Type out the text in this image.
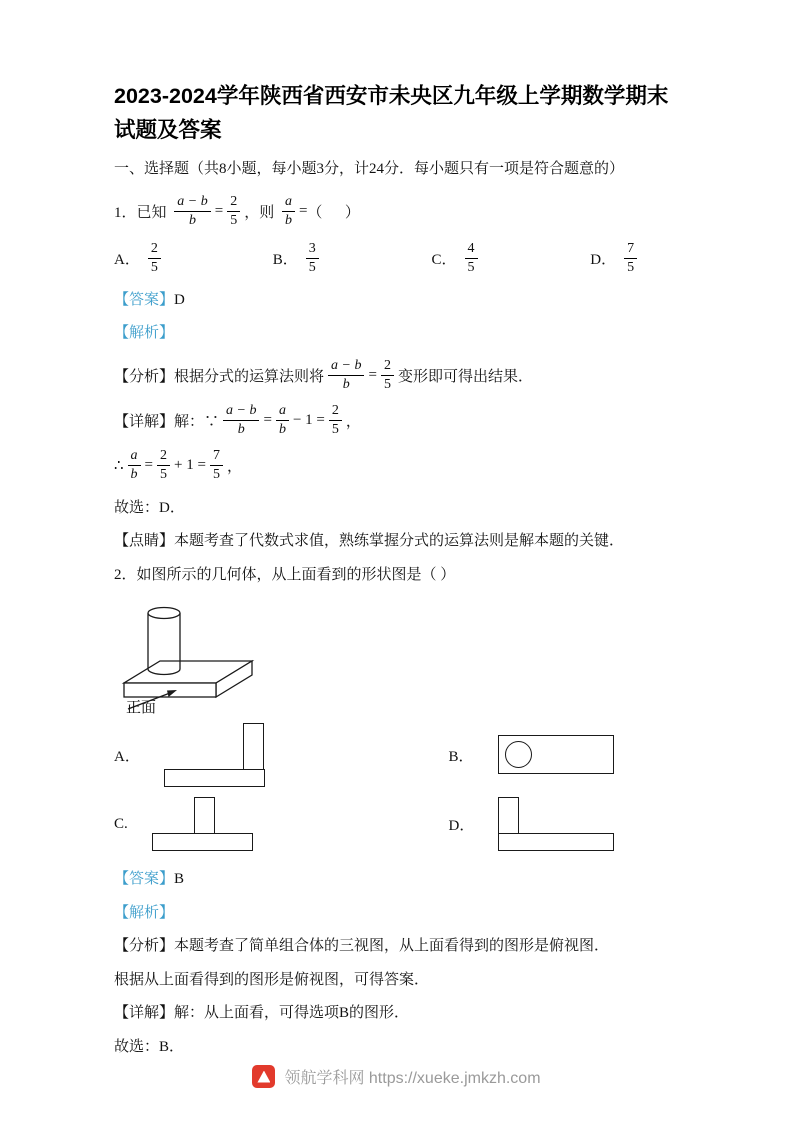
2023-2024学年陕西省西安市未央区九年级上学期数学期末
试题及答案

一、选择题（共8小题，每小题3分，计24分．每小题只有一项是符合题意的）

1．已知 $\frac{a - b}{b} = \frac{2}{5}$ ，则 $\frac{a}{b}$ = （      ）
A． $\frac{2}{5}$	B． $\frac{3}{5}$	C． $\frac{4}{5}$	D． $\frac{7}{5}$

【答案】D

【解析】

【分析】根据分式的运算法则将 $\frac{a - b}{b} = \frac{2}{5}$ 变形即可得出结果．
【详解】解：∵ $\frac{a - b}{b} = \frac{a}{b} - 1 = \frac{2}{5}$ ，
∴ $\frac{a}{b} = \frac{2}{5} + 1 = \frac{7}{5}$ ，

故选：D．

【点睛】本题考查了代数式求值，熟练掌握分式的运算法则是解本题的关键．

2．如图所示的几何体，从上面看到的形状图是（ ）

正面
A．	B．
C.	D．

【答案】B

【解析】

【分析】本题考查了简单组合体的三视图，从上面看得到的图形是俯视图．

根据从上面看得到的图形是俯视图，可得答案．

【详解】解：从上面看，可得选项B的图形．

故选：B．

领航学科网 https://xueke.jmkzh.com
